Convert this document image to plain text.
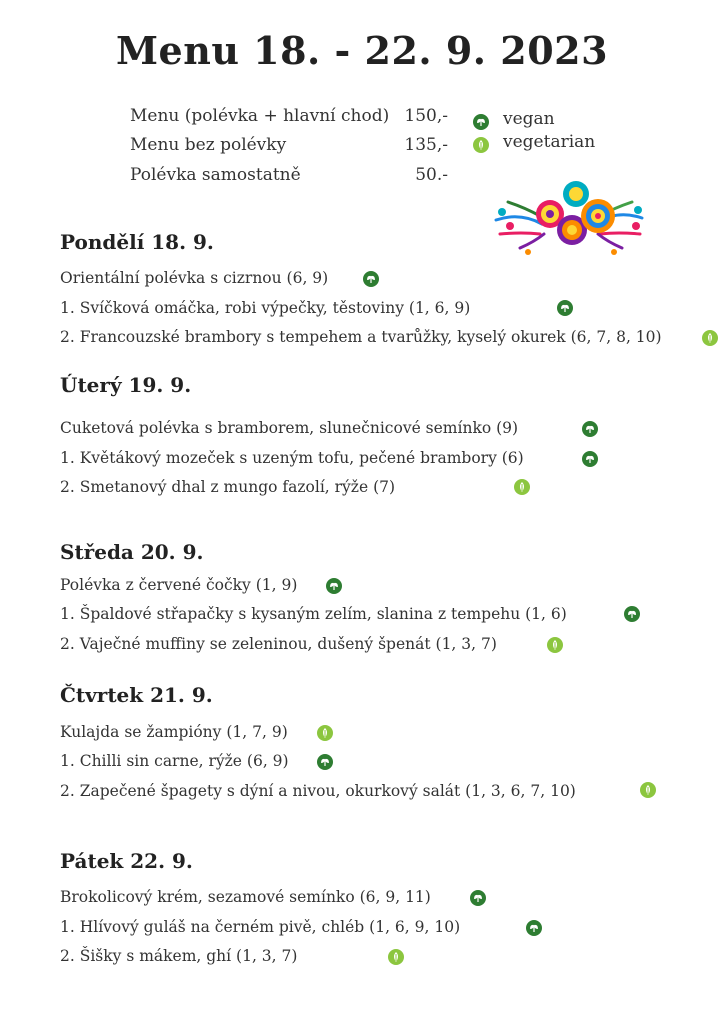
Menu 18. - 22. 9. 2023
Menu (polévka + hlavní chod) 150,-
Menu bez polévky	135,-
Polévka samostatně	50.-
vegan
vegetarian
Pondělí 18. 9.
Orientální polévka s cizrnou (6, 9)
1. Svíčková omáčka, robi výpečky, těstoviny (1, 6, 9)
2. Francouzské brambory s tempehem a tvarůžky, kyselý okurek (6, 7, 8, 10)
Úterý 19. 9.
Cuketová polévka s bramborem, slunečnicové semínko (9)
1. Květákový mozeček s uzeným tofu, pečené brambory (6)
2. Smetanový dhal z mungo fazolí, rýže (7)
Středa 20. 9.
Polévka z červené čočky (1, 9)
1. Špaldové střapačky s kysaným zelím, slanina z tempehu (1, 6)
2. Vaječné muffiny se zeleninou, dušený špenát (1, 3, 7)
Čtvrtek 21. 9.
Kulajda se žampióny (1, 7, 9)
1. Chilli sin carne, rýže (6, 9)
2. Zapečené špagety s dýní a nivou, okurkový salát (1, 3, 6, 7, 10)
Pátek 22. 9.
Brokolicový krém, sezamové semínko (6, 9, 11)
1. Hlívový guláš na černém pivě, chléb (1, 6, 9, 10)
2. Šišky s mákem, ghí (1, 3, 7)
